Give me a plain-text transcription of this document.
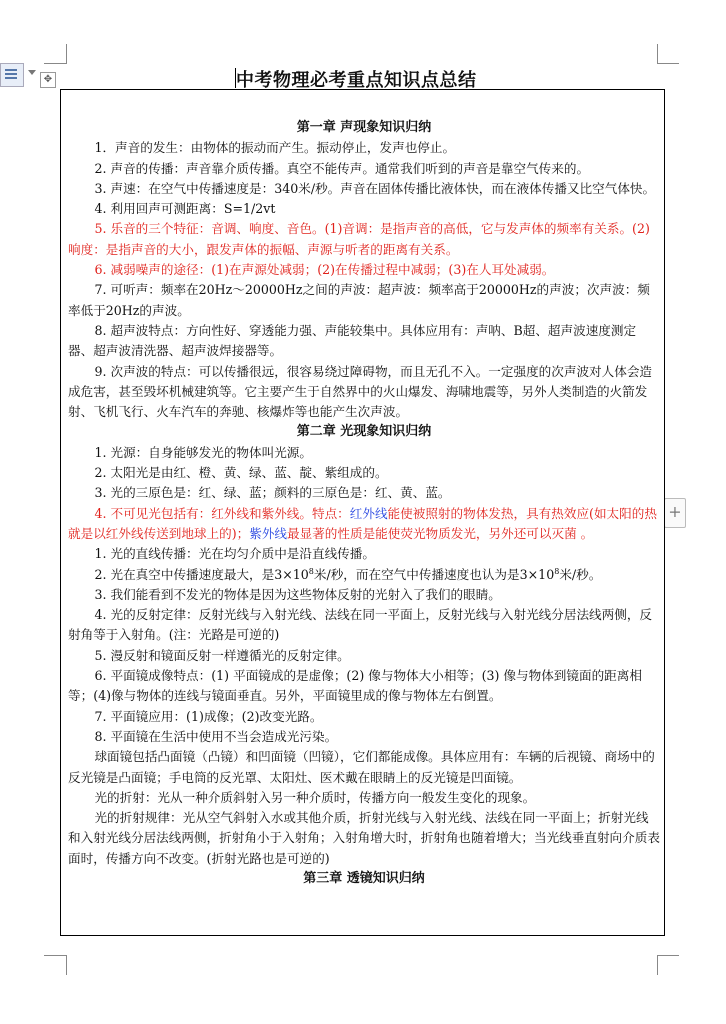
✥
+
中考物理必考重点知识点总结
第一章 声现象知识归纳

1．声音的发生：由物体的振动而产生。振动停止，发声也停止。

2. 声音的传播：声音靠介质传播。真空不能传声。通常我们听到的声音是靠空气传来的。

3. 声速：在空气中传播速度是：340米/秒。声音在固体传播比液体快，而在液体传播又比空气体快。

4. 利用回声可测距离：S=1/2vt

5. 乐音的三个特征：音调、响度、音色。(1)音调：是指声音的高低，它与发声体的频率有关系。(2)响度：是指声音的大小，跟发声体的振幅、声源与听者的距离有关系。

6. 减弱噪声的途径：(1)在声源处减弱；(2)在传播过程中减弱；(3)在人耳处减弱。

7. 可听声：频率在20Hz～20000Hz之间的声波：超声波：频率高于20000Hz的声波；次声波：频率低于20Hz的声波。

8. 超声波特点：方向性好、穿透能力强、声能较集中。具体应用有：声呐、B超、超声波速度测定器、超声波清洗器、超声波焊接器等。

9. 次声波的特点：可以传播很远，很容易绕过障碍物，而且无孔不入。一定强度的次声波对人体会造成危害，甚至毁坏机械建筑等。它主要产生于自然界中的火山爆发、海啸地震等，另外人类制造的火箭发射、飞机飞行、火车汽车的奔驰、核爆炸等也能产生次声波。

第二章 光现象知识归纳

1. 光源：自身能够发光的物体叫光源。

2. 太阳光是由红、橙、黄、绿、蓝、靛、紫组成的。

3. 光的三原色是：红、绿、蓝；颜料的三原色是：红、黄、蓝。

4. 不可见光包括有：红外线和紫外线。特点：红外线能使被照射的物体发热，具有热效应(如太阳的热就是以红外线传送到地球上的)；紫外线最显著的性质是能使荧光物质发光，另外还可以灭菌 。

1. 光的直线传播：光在均匀介质中是沿直线传播。

2. 光在真空中传播速度最大，是$3\times 10^8$米/秒，而在空气中传播速度也认为是$3\times 10^8$米/秒。

3. 我们能看到不发光的物体是因为这些物体反射的光射入了我们的眼睛。

4. 光的反射定律：反射光线与入射光线、法线在同一平面上，反射光线与入射光线分居法线两侧，反射角等于入射角。(注：光路是可逆的)

5. 漫反射和镜面反射一样遵循光的反射定律。

6. 平面镜成像特点：(1) 平面镜成的是虚像；(2) 像与物体大小相等；(3) 像与物体到镜面的距离相等；(4)像与物体的连线与镜面垂直。另外，平面镜里成的像与物体左右倒置。

7. 平面镜应用：(1)成像；(2)改变光路。

8. 平面镜在生活中使用不当会造成光污染。

球面镜包括凸面镜（凸镜）和凹面镜（凹镜），它们都能成像。具体应用有：车辆的后视镜、商场中的反光镜是凸面镜；手电筒的反光罩、太阳灶、医术戴在眼睛上的反光镜是凹面镜。

光的折射：光从一种介质斜射入另一种介质时，传播方向一般发生变化的现象。

光的折射规律：光从空气斜射入水或其他介质，折射光线与入射光线、法线在同一平面上；折射光线和入射光线分居法线两侧，折射角小于入射角；入射角增大时，折射角也随着增大；当光线垂直射向介质表面时，传播方向不改变。(折射光路也是可逆的)

第三章 透镜知识归纳
